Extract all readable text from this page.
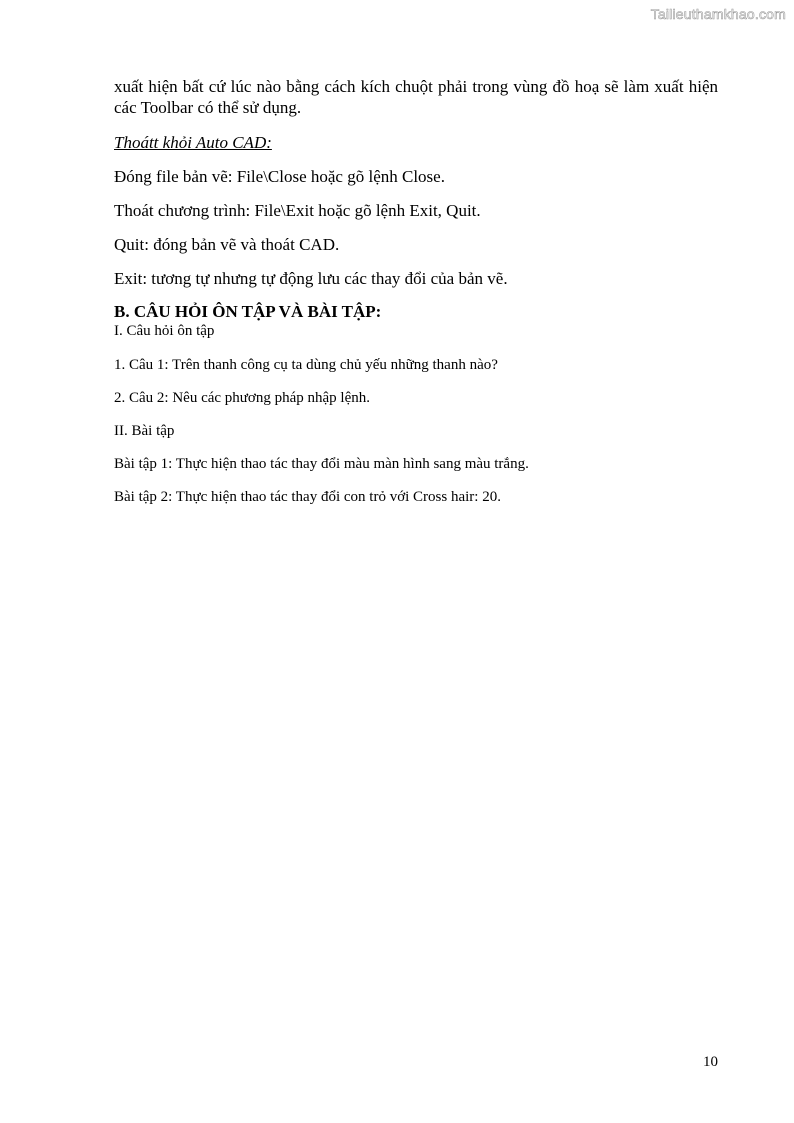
Tailieuthamkhao.com

xuất hiện bất cứ lúc nào bằng cách kích chuột phải trong vùng đồ hoạ sẽ làm xuất hiện các Toolbar có thể sử dụng.

Thoátt khỏi Auto CAD:

Đóng file bản vẽ: File\Close hoặc gõ lệnh Close.

Thoát chương trình: File\Exit hoặc gõ lệnh Exit, Quit.

Quit: đóng bản vẽ và thoát CAD.

Exit: tương tự nhưng tự động lưu các thay đổi của bản vẽ.

B. CÂU HỎI ÔN TẬP VÀ BÀI TẬP:

I. Câu hỏi ôn tập

1. Câu 1: Trên thanh công cụ ta dùng chủ yếu những thanh nào?

2. Câu 2: Nêu các phương pháp nhập lệnh.

II. Bài tập

Bài tập 1: Thực hiện thao tác thay đổi màu màn hình sang màu trắng.

Bài tập 2: Thực hiện thao tác thay đổi con trỏ với Cross hair: 20.

10
